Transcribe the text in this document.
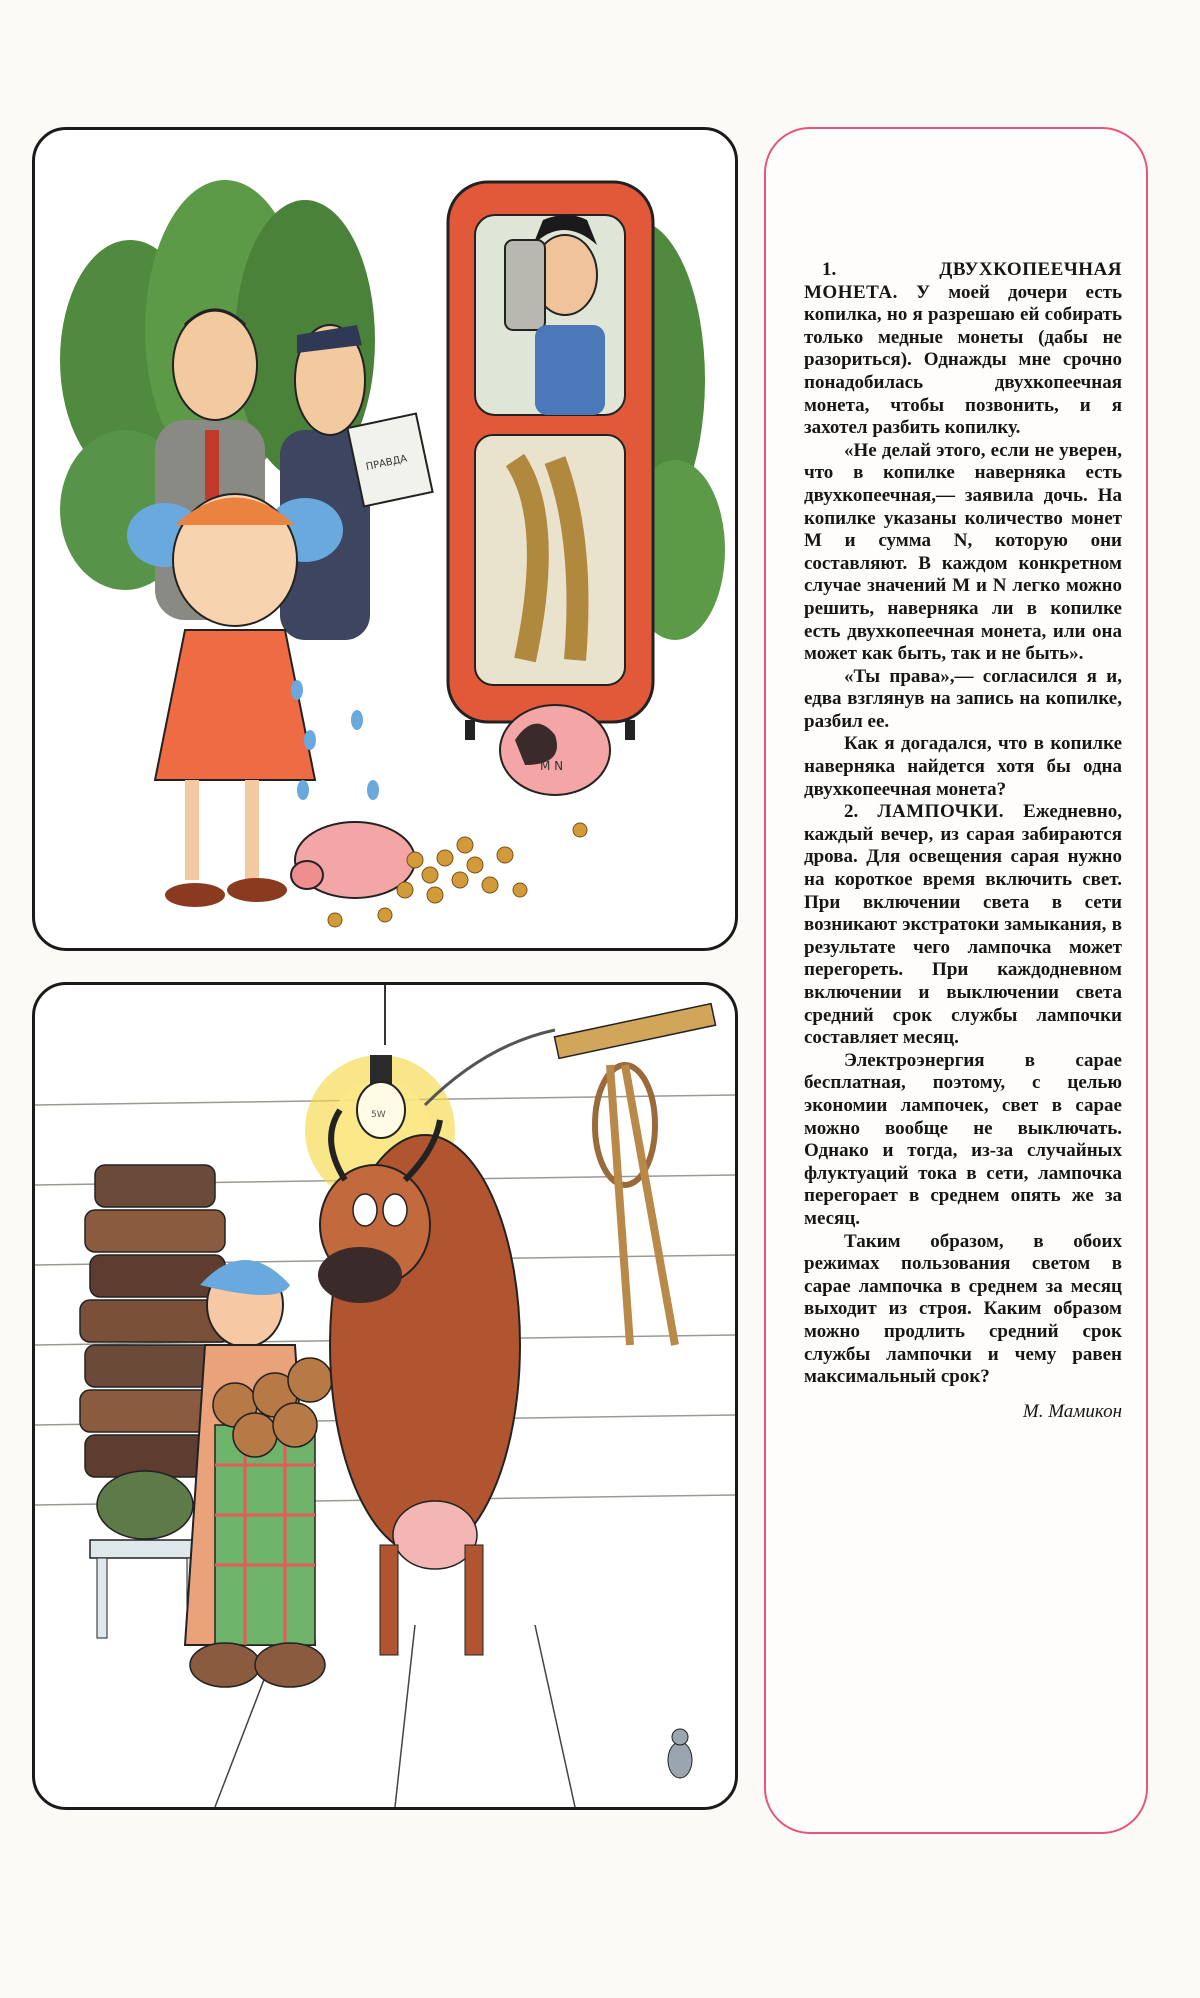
ПРАВДА
M N
5W

1.	ДВУХКОПЕЕЧНАЯ МОНЕТА. У моей дочери есть копилка, но я разрешаю ей собирать только медные монеты (дабы не разориться). Однажды мне срочно понадобилась двухкопеечная монета, чтобы позвонить, и я захотел разбить копилку.

«Не делай этого, если не уверен, что в копилке наверняка есть двухкопеечная,— заявила дочь. На копилке указаны количество монет M и сумма N, которую они составляют. В каждом конкретном случае значений M и N легко можно решить, наверняка ли в копилке есть двухкопеечная монета, или она может как быть, так и не быть».

«Ты права»,— согласился я и, едва взглянув на запись на копилке, разбил ее.

Как я догадался, что в копилке наверняка найдется хотя бы одна двухкопеечная монета?

2. ЛАМПОЧКИ. Ежедневно, каждый вечер, из сарая забираются дрова. Для освещения сарая нужно на короткое время включить свет. При включении света в сети возникают экстратоки замыкания, в результате чего лампочка может перегореть. При каждодневном включении и выключении света средний срок службы лампочки составляет месяц.

Электроэнергия в сарае бесплатная, поэтому, с целью экономии лампочек, свет в сарае можно вообще не выключать. Однако и тогда, из-за случайных флуктуаций тока в сети, лампочка перегорает в среднем опять же за месяц.

Таким образом, в обоих режимах пользования светом в сарае лампочка в среднем за месяц выходит из строя. Каким образом можно продлить средний срок службы лампочки и чему равен максимальный срок?

М. Мамикон
